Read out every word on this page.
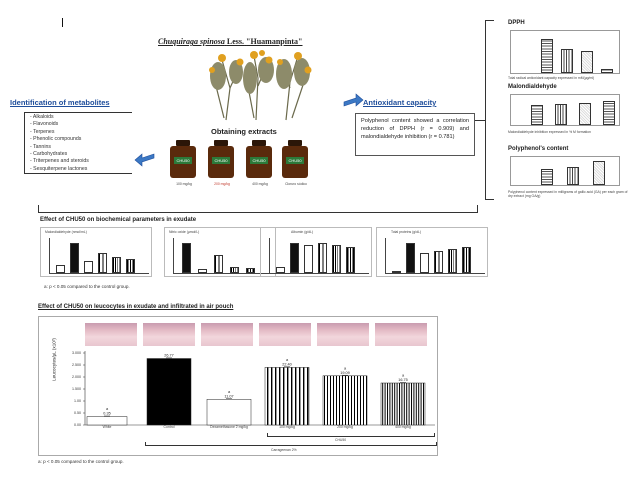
Chuquiraga spinosa Less. "Huamanpinta"
Obtaining extracts
CHU50	CHU50	CHU50	CHU50
100 mg/kg	200 mg/kg	400 mg/kg	Cloruro sódico
Identification of metabolites
- Alkaloids
- Flavonoids
- Terpenes
- Phenolic compounds
- Tannins
- Carbohydrates
- Triterpenes and steroids
- Sesquiterpene lactones
Antioxidant capacity
Polyphenol content showed a correlation reduction of DPPH (r = 0.909) and malondialdehyde inhibition (r = 0.781)
DPPH
Total radical antioxidant capacity expressed in mM(µg/ml)
Malondialdehyde
Malondialdehyde inhibition expressed in % M formation
Polyphenol's content
Polyphenol content expressed in milligrams of gallic acid (GA) per each gram of dry extract (mg GA/g)
Effect of CHU50 on biochemical parameters in exudate
Malondialdehyde (nmol/mL)	Nitric oxide (µmol/L)	Albumin (g/dL)	Total proteins (g/dL)
a: p < 0.05 compared to the control group.
Effect of CHU50 on leucocytes in exudate and infiltrated in air pouch
Leucocytes/µL (x10³)
0.00
0.50
1.00
1.500
2.000
2.500
3.000
0.35
a
26.77
11.07
a
22.40
a
19.09
a
16.75
a
White	Control	Dexamethasone 2 mg/kg	100 mg/kg	200 mg/kg	400 mg/kg
CHU50
Carrageenan 2%
a: p < 0.05 compared to the control group.
